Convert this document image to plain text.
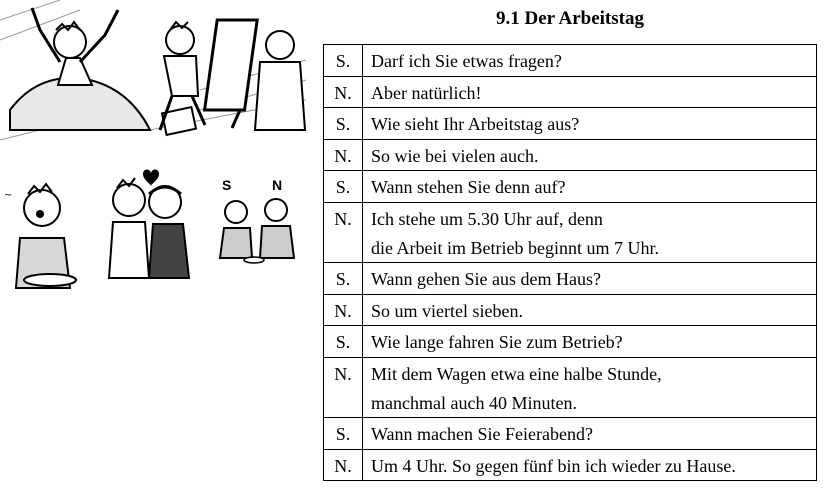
~
S	N
9.1 Der Arbeitstag
S.	Darf ich Sie etwas fragen?

N.	Aber natürlich!

S.	Wie sieht Ihr Arbeitstag aus?

N.	So wie bei vielen auch.

S.	Wann stehen Sie denn auf?

N.	Ich stehe um 5.30 Uhr auf, denn
die Arbeit im Betrieb beginnt um 7 Uhr.

S.	Wann gehen Sie aus dem Haus?

N.	So um viertel sieben.

S.	Wie lange fahren Sie zum Betrieb?

N.	Mit dem Wagen etwa eine halbe Stunde,
manchmal auch 40 Minuten.

S.	Wann machen Sie Feierabend?

N.	Um 4 Uhr. So gegen fünf bin ich wieder zu Hause.
